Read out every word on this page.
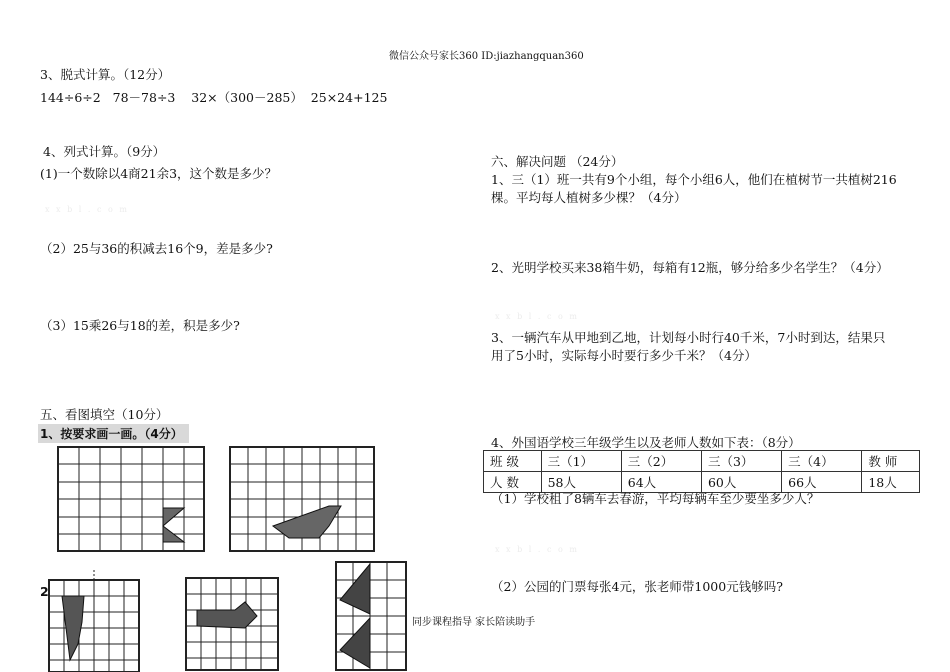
微信公众号家长360 ID:jiazhangquan360
3、脱式计算。（12分）
144÷6÷2   78－78÷3    32×（300－285）  25×24+125
4、列式计算。（9分）
(1)一个数除以4商21余3，这个数是多少？
x x b l . c o m
（2）25与36的积减去16个9，差是多少?
（3）15乘26与18的差，积是多少?
五、看图填空（10分）
1、按要求画一画。（4分）
2
六、解决问题 （24分）
1、三（1）班一共有9个小组，每个小组6人，他们在植树节一共植树216
棵。平均每人植树多少棵？（4分）
2、光明学校买来38箱牛奶，每箱有12瓶，够分给多少名学生？（4分）
x x b l . c o m
3、一辆汽车从甲地到乙地，计划每小时行40千米，7小时到达，结果只
用了5小时，实际每小时要行多少千米？（4分）
4、外国语学校三年级学生以及老师人数如下表：（8分）
班 级	三（1）	三（2）	三（3）	三（4）	教 师
人 数	58人	64人	60人	66人	18人
（1）学校租了8辆车去春游，平均每辆车至少要坐多少人？
x x b l . c o m
（2）公园的门票每张4元，张老师带1000元钱够吗?
同步课程指导 家长陪读助手
